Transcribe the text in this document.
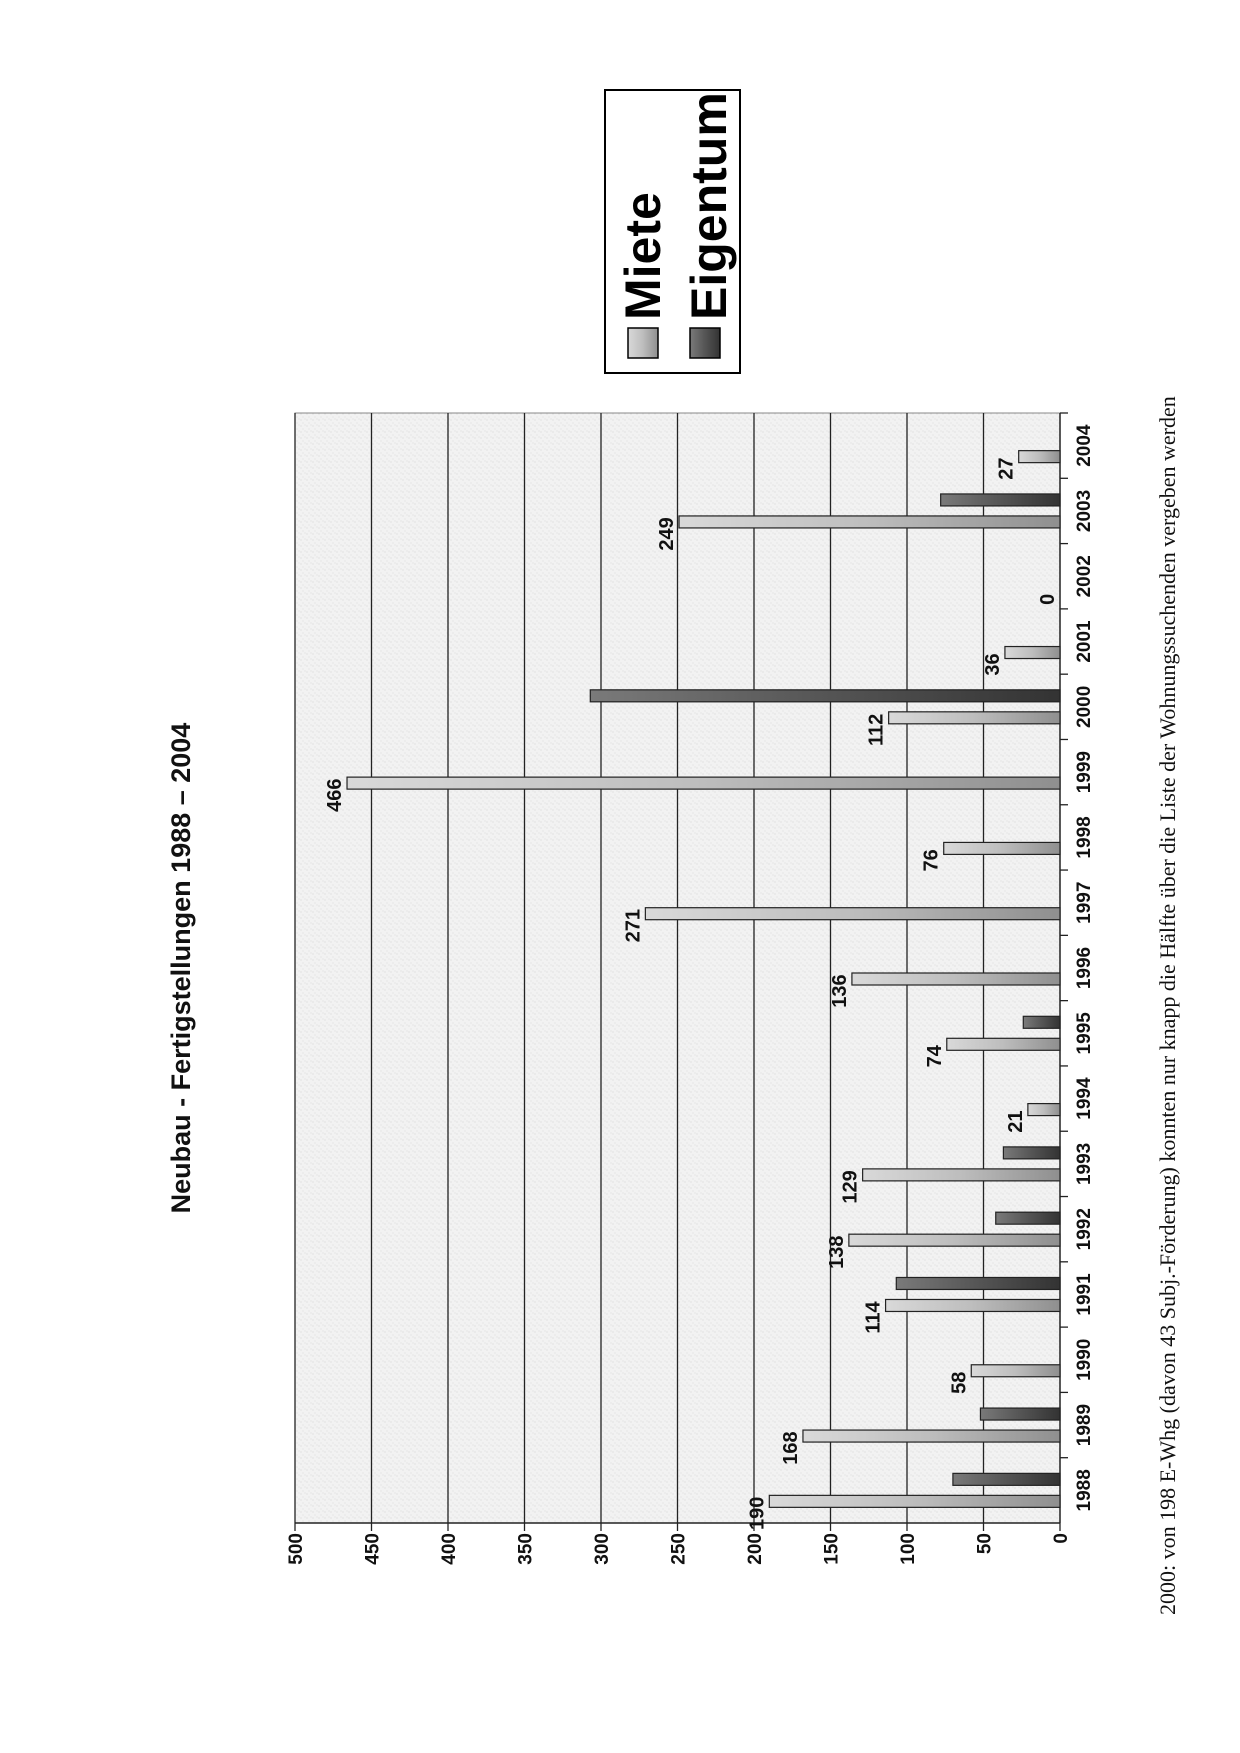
190
168
58
114
138
129
21
74
136
271
76
466
112
36
0
249
27
1988
1989
1990
1991
1992
1993
1994
1995
1996
1997
1998
1999
2000
2001
2002
2003
2004
0
50
100
150
200
250
300
350
400
450
500
Neubau - Fertigstellungen 1988 – 2004
Miete Eigentum
2000: von 198 E-Whg (davon 43 Subj.-Förderung) konnten nur knapp die Hälfte über die Liste der Wohnungssuchenden vergeben werden
